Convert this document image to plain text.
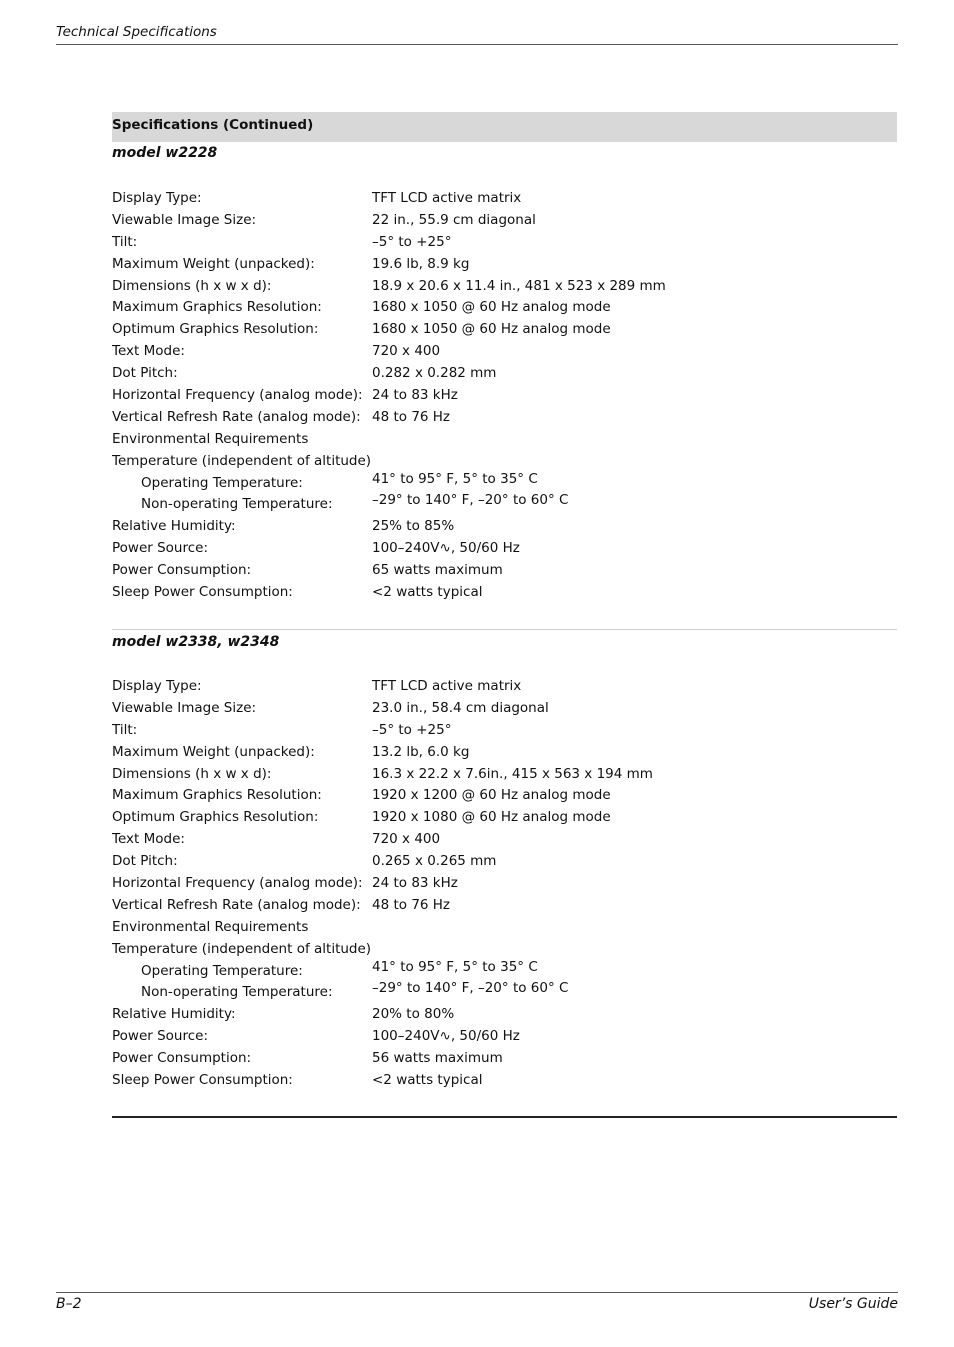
Technical Specifications
Specifications (Continued)
model w2228
Display Type:	TFT LCD active matrix
Viewable Image Size:	22 in., 55.9 cm diagonal
Tilt:	–5° to +25°
Maximum Weight (unpacked):	19.6 lb, 8.9 kg
Dimensions (h x w x d):	18.9 x 20.6 x 11.4 in., 481 x 523 x 289 mm
Maximum Graphics Resolution:	1680 x 1050 @ 60 Hz analog mode
Optimum Graphics Resolution:	1680 x 1050 @ 60 Hz analog mode
Text Mode:	720 x 400
Dot Pitch:	0.282 x 0.282 mm
Horizontal Frequency (analog mode): 24 to 83 kHz
Vertical Refresh Rate (analog mode): 48 to 76 Hz
Environmental Requirements
Temperature (independent of altitude)
Operating Temperature:	41° to 95° F, 5° to 35° C
Non-operating Temperature:	–29° to 140° F, –20° to 60° C
Relative Humidity:	25% to 85%
Power Source:	100–240V∿, 50/60 Hz
Power Consumption:	65 watts maximum
Sleep Power Consumption:	<2 watts typical
model w2338, w2348
Display Type:	TFT LCD active matrix
Viewable Image Size:	23.0 in., 58.4 cm diagonal
Tilt:	–5° to +25°
Maximum Weight (unpacked):	13.2 lb, 6.0 kg
Dimensions (h x w x d):	16.3 x 22.2 x 7.6in., 415 x 563 x 194 mm
Maximum Graphics Resolution:	1920 x 1200 @ 60 Hz analog mode
Optimum Graphics Resolution:	1920 x 1080 @ 60 Hz analog mode
Text Mode:	720 x 400
Dot Pitch:	0.265 x 0.265 mm
Horizontal Frequency (analog mode): 24 to 83 kHz
Vertical Refresh Rate (analog mode): 48 to 76 Hz
Environmental Requirements
Temperature (independent of altitude)
Operating Temperature:	41° to 95° F, 5° to 35° C
Non-operating Temperature:	–29° to 140° F, –20° to 60° C
Relative Humidity:	20% to 80%
Power Source:	100–240V∿, 50/60 Hz
Power Consumption:	56 watts maximum
Sleep Power Consumption:	<2 watts typical
B–2	User’s Guide
